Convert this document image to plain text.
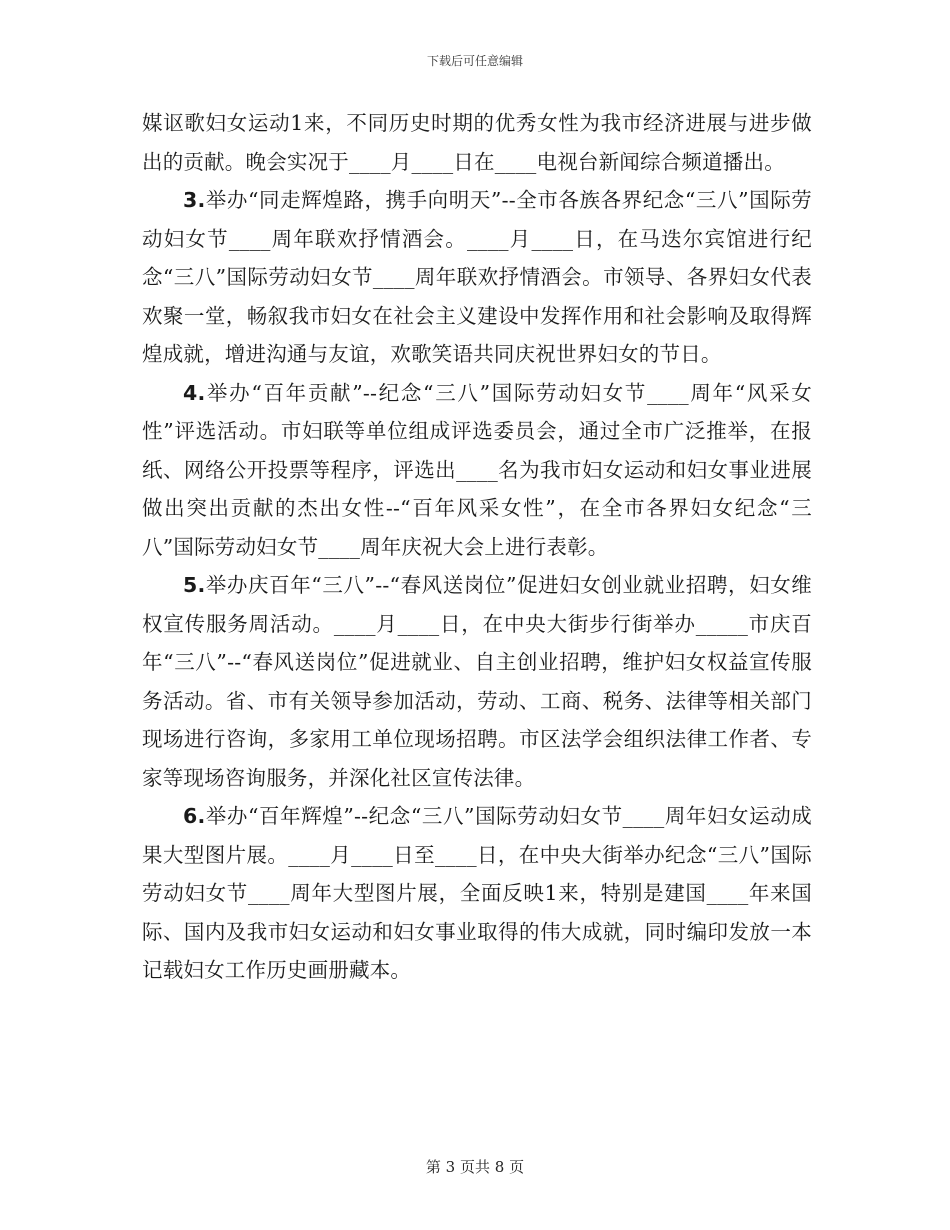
下载后可任意编辑

媒讴歌妇女运动1来，不同历史时期的优秀女性为我市经济进展与进步做出的贡献。晚会实况于____月____日在____电视台新闻综合频道播出。

3.举办“同走辉煌路，携手向明天”--全市各族各界纪念“三八”国际劳动妇女节____周年联欢抒情酒会。____月____日，在马迭尔宾馆进行纪念“三八”国际劳动妇女节____周年联欢抒情酒会。市领导、各界妇女代表欢聚一堂，畅叙我市妇女在社会主义建设中发挥作用和社会影响及取得辉煌成就，增进沟通与友谊，欢歌笑语共同庆祝世界妇女的节日。

4.举办“百年贡献”--纪念“三八”国际劳动妇女节____周年“风采女性”评选活动。市妇联等单位组成评选委员会，通过全市广泛推举，在报纸、网络公开投票等程序，评选出____名为我市妇女运动和妇女事业进展做出突出贡献的杰出女性--“百年风采女性”，在全市各界妇女纪念“三八”国际劳动妇女节____周年庆祝大会上进行表彰。

5.举办庆百年“三八”--“春风送岗位”促进妇女创业就业招聘，妇女维权宣传服务周活动。____月____日，在中央大街步行街举办_____市庆百年“三八”--“春风送岗位”促进就业、自主创业招聘，维护妇女权益宣传服务活动。省、市有关领导参加活动，劳动、工商、税务、法律等相关部门现场进行咨询，多家用工单位现场招聘。市区法学会组织法律工作者、专家等现场咨询服务，并深化社区宣传法律。

6.举办“百年辉煌”--纪念“三八”国际劳动妇女节____周年妇女运动成果大型图片展。____月____日至____日，在中央大街举办纪念“三八”国际劳动妇女节____周年大型图片展，全面反映1来，特别是建国____年来国际、国内及我市妇女运动和妇女事业取得的伟大成就，同时编印发放一本记载妇女工作历史画册藏本。

第 3 页共 8 页
